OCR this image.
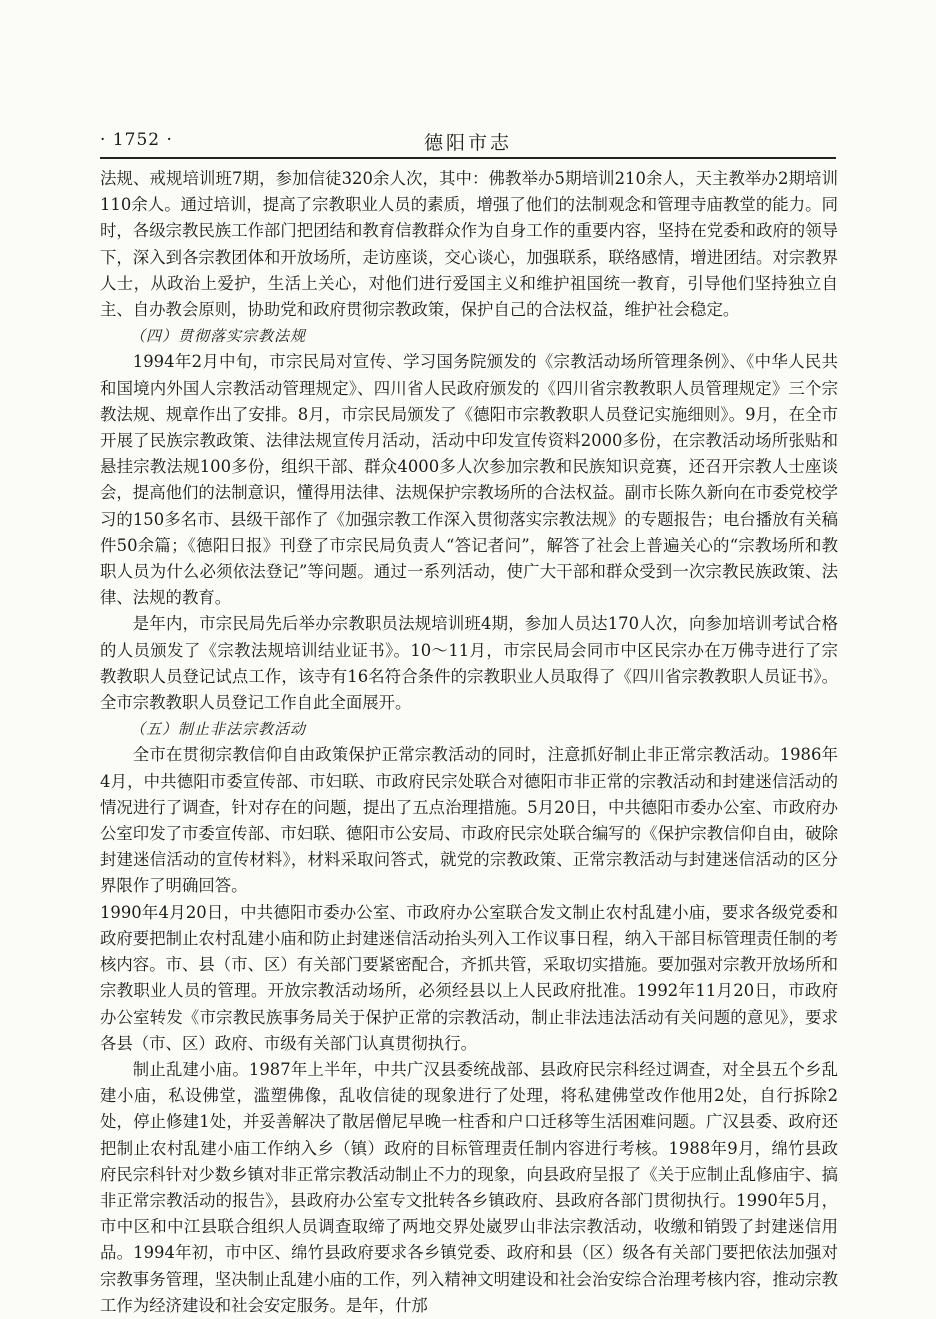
· 1752 ·	德阳市志

法规、戒规培训班7期，参加信徒320余人次，其中：佛教举办5期培训210余人，天主教举办2期培训110余人。通过培训，提高了宗教职业人员的素质，增强了他们的法制观念和管理寺庙教堂的能力。同时，各级宗教民族工作部门把团结和教育信教群众作为自身工作的重要内容，坚持在党委和政府的领导下，深入到各宗教团体和开放场所，走访座谈，交心谈心，加强联系，联络感情，增进团结。对宗教界人士，从政治上爱护，生活上关心，对他们进行爱国主义和维护祖国统一教育，引导他们坚持独立自主、自办教会原则，协助党和政府贯彻宗教政策，保护自己的合法权益，维护社会稳定。

（四）贯彻落实宗教法规

1994年2月中旬，市宗民局对宣传、学习国务院颁发的《宗教活动场所管理条例》、《中华人民共和国境内外国人宗教活动管理规定》、四川省人民政府颁发的《四川省宗教教职人员管理规定》三个宗教法规、规章作出了安排。8月，市宗民局颁发了《德阳市宗教教职人员登记实施细则》。9月，在全市开展了民族宗教政策、法律法规宣传月活动，活动中印发宣传资料2000多份，在宗教活动场所张贴和悬挂宗教法规100多份，组织干部、群众4000多人次参加宗教和民族知识竞赛，还召开宗教人士座谈会，提高他们的法制意识，懂得用法律、法规保护宗教场所的合法权益。副市长陈久新向在市委党校学习的150多名市、县级干部作了《加强宗教工作深入贯彻落实宗教法规》的专题报告；电台播放有关稿件50余篇；《德阳日报》刊登了市宗民局负责人“答记者问”，解答了社会上普遍关心的“宗教场所和教职人员为什么必须依法登记”等问题。通过一系列活动，使广大干部和群众受到一次宗教民族政策、法律、法规的教育。

是年内，市宗民局先后举办宗教职员法规培训班4期，参加人员达170人次，向参加培训考试合格的人员颁发了《宗教法规培训结业证书》。10～11月，市宗民局会同市中区民宗办在万佛寺进行了宗教教职人员登记试点工作，该寺有16名符合条件的宗教职业人员取得了《四川省宗教教职人员证书》。全市宗教教职人员登记工作自此全面展开。

（五）制止非法宗教活动

全市在贯彻宗教信仰自由政策保护正常宗教活动的同时，注意抓好制止非正常宗教活动。1986年4月，中共德阳市委宣传部、市妇联、市政府民宗处联合对德阳市非正常的宗教活动和封建迷信活动的情况进行了调查，针对存在的问题，提出了五点治理措施。5月20日，中共德阳市委办公室、市政府办公室印发了市委宣传部、市妇联、德阳市公安局、市政府民宗处联合编写的《保护宗教信仰自由，破除封建迷信活动的宣传材料》，材料采取问答式，就党的宗教政策、正常宗教活动与封建迷信活动的区分界限作了明确回答。

1990年4月20日，中共德阳市委办公室、市政府办公室联合发文制止农村乱建小庙，要求各级党委和政府要把制止农村乱建小庙和防止封建迷信活动抬头列入工作议事日程，纳入干部目标管理责任制的考核内容。市、县（市、区）有关部门要紧密配合，齐抓共管，采取切实措施。要加强对宗教开放场所和宗教职业人员的管理。开放宗教活动场所，必须经县以上人民政府批准。1992年11月20日，市政府办公室转发《市宗教民族事务局关于保护正常的宗教活动，制止非法违法活动有关问题的意见》，要求各县（市、区）政府、市级有关部门认真贯彻执行。

制止乱建小庙。1987年上半年，中共广汉县委统战部、县政府民宗科经过调查，对全县五个乡乱建小庙，私设佛堂，滥塑佛像，乱收信徒的现象进行了处理，将私建佛堂改作他用2处，自行拆除2处，停止修建1处，并妥善解决了散居僧尼早晚一柱香和户口迁移等生活困难问题。广汉县委、政府还把制止农村乱建小庙工作纳入乡（镇）政府的目标管理责任制内容进行考核。1988年9月，绵竹县政府民宗科针对少数乡镇对非正常宗教活动制止不力的现象，向县政府呈报了《关于应制止乱修庙宇、搞非正常宗教活动的报告》，县政府办公室专文批转各乡镇政府、县政府各部门贯彻执行。1990年5月，市中区和中江县联合组织人员调查取缔了两地交界处崴罗山非法宗教活动，收缴和销毁了封建迷信用品。1994年初，市中区、绵竹县政府要求各乡镇党委、政府和县（区）级各有关部门要把依法加强对宗教事务管理，坚决制止乱建小庙的工作，列入精神文明建设和社会治安综合治理考核内容，推动宗教工作为经济建设和社会安定服务。是年，什邡
